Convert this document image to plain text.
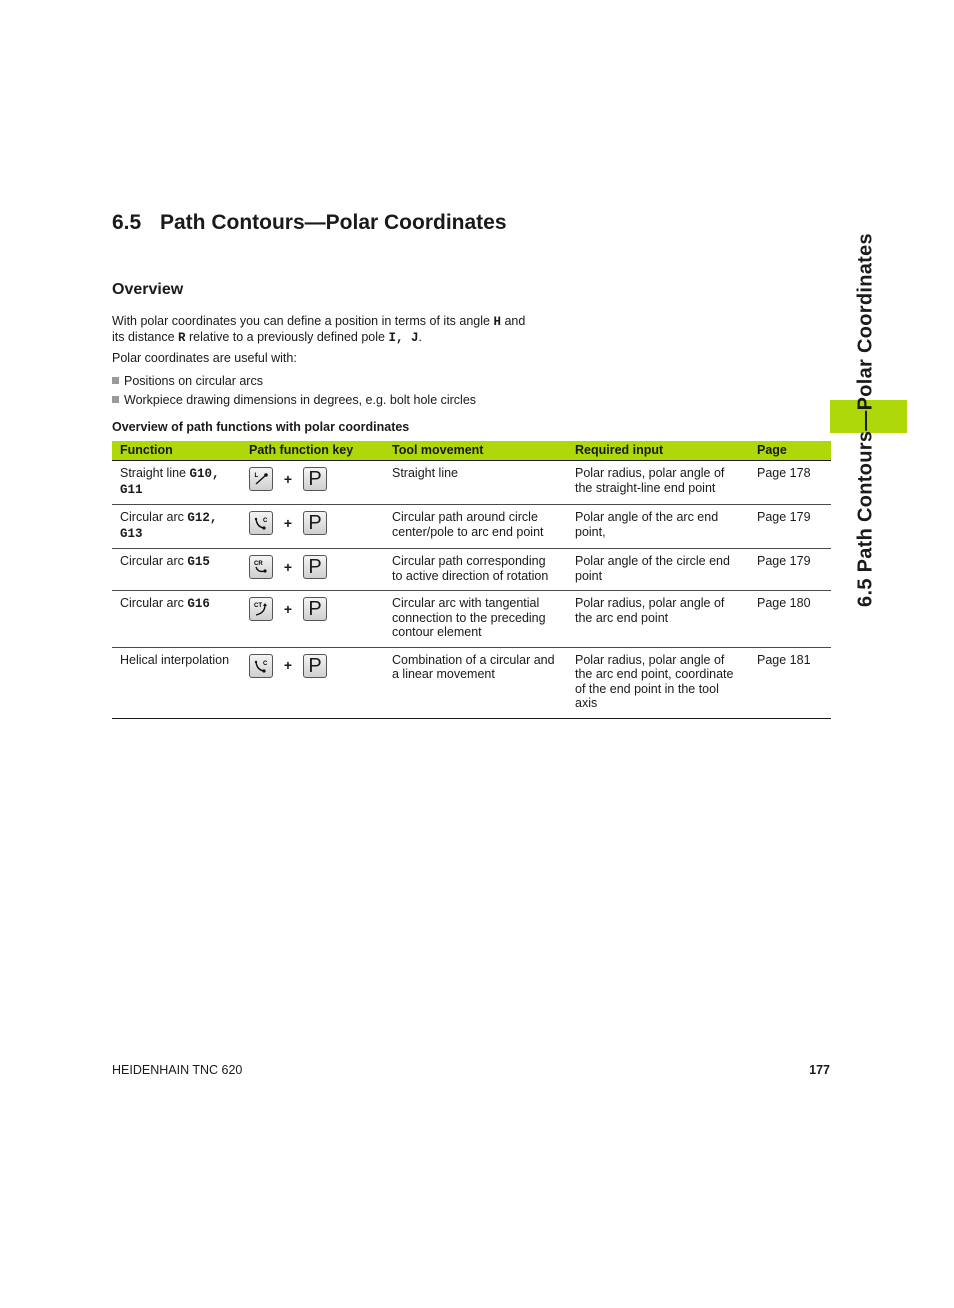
6.5 Path Contours—Polar Coordinates
Overview

With polar coordinates you can define a position in terms of its angle H and its distance R relative to a previously defined pole I, J.

Polar coordinates are useful with:

Positions on circular arcs
Workpiece drawing dimensions in degrees, e.g. bolt hole circles

Overview of path functions with polar coordinates

Function	Path function key	Tool movement	Required input	Page
Straight line G10, G11	L + P	Straight line	Polar radius, polar angle of the straight-line end point	Page 178
Circular arc G12, G13	C + P	Circular path around circle center/pole to arc end point	Polar angle of the arc end point,	Page 179
Circular arc G15	CR + P	Circular path corresponding to active direction of rotation	Polar angle of the circle end point	Page 179
Circular arc G16	CT + P	Circular arc with tangential connection to the preceding contour element	Polar radius, polar angle of the arc end point	Page 180
Helical interpolation	C + P	Combination of a circular and a linear movement	Polar radius, polar angle of the arc end point, coordinate of the end point in the tool axis	Page 181
6.5 Path Contours—Polar Coordinates
HEIDENHAIN TNC 620	177
